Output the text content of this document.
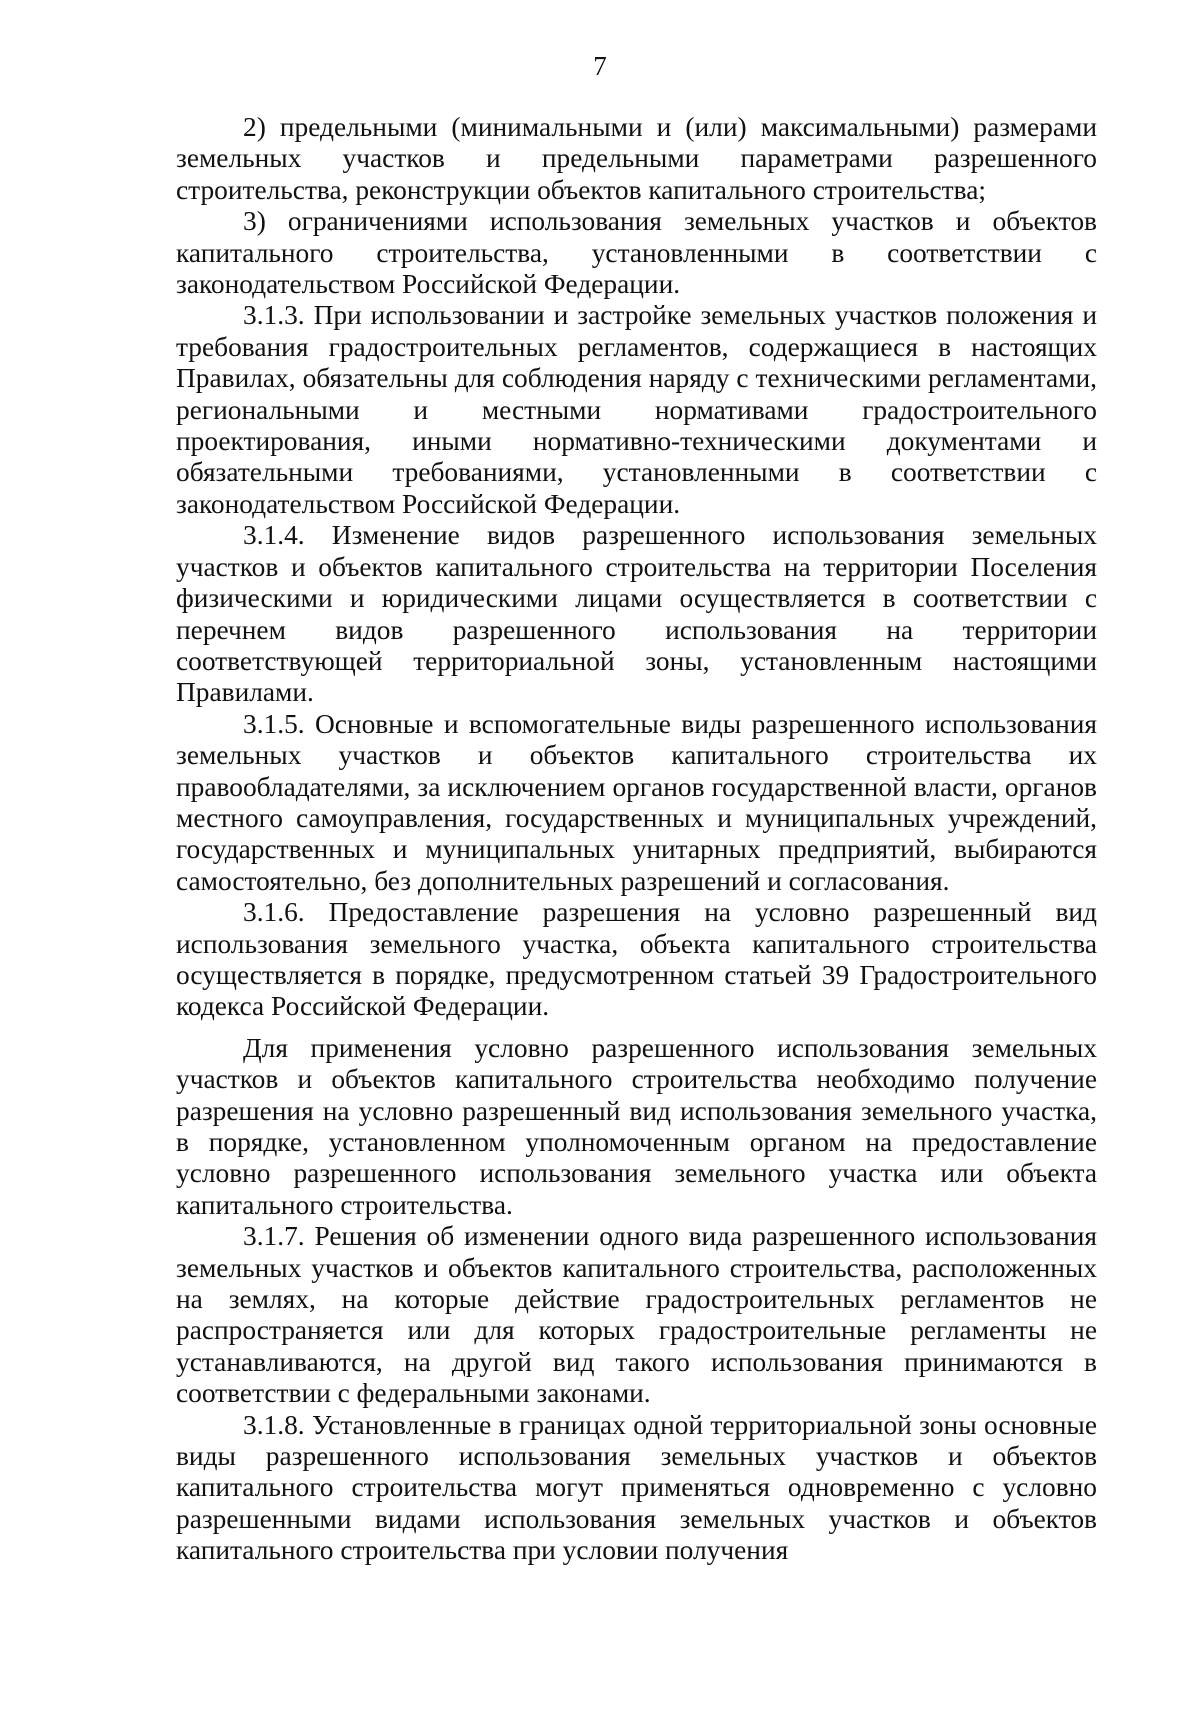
7

2) предельными (минимальными и (или) максимальными) размерами земельных участков и предельными параметрами разрешенного строительства, реконструкции объектов капитального строительства;

3) ограничениями использования земельных участков и объектов капитального строительства, установленными в соответствии с законодательством Российской Федерации.

3.1.3. При использовании и застройке земельных участков положения и требования градостроительных регламентов, содержащиеся в настоящих Правилах, обязательны для соблюдения наряду с техническими регламентами, региональными и местными нормативами градостроительного проектирования, иными нормативно-техническими документами и обязательными требованиями, установленными в соответствии с законодательством Российской Федерации.

3.1.4. Изменение видов разрешенного использования земельных участков и объектов капитального строительства на территории Поселения физическими и юридическими лицами осуществляется в соответствии с перечнем видов разрешенного использования на территории соответствующей территориальной зоны, установленным настоящими Правилами.

3.1.5. Основные и вспомогательные виды разрешенного использования земельных участков и объектов капитального строительства их правообладателями, за исключением органов государственной власти, органов местного самоуправления, государственных и муниципальных учреждений, государственных и муниципальных унитарных предприятий, выбираются самостоятельно, без дополнительных разрешений и согласования.

3.1.6. Предоставление разрешения на условно разрешенный вид использования земельного участка, объекта капитального строительства осуществляется в порядке, предусмотренном статьей 39 Градостроительного кодекса Российской Федерации.

Для применения условно разрешенного использования земельных участков и объектов капитального строительства необходимо получение разрешения на условно разрешенный вид использования земельного участка, в порядке, установленном уполномоченным органом на предоставление условно разрешенного использования земельного участка или объекта капитального строительства.

3.1.7. Решения об изменении одного вида разрешенного использования земельных участков и объектов капитального строительства, расположенных на землях, на которые действие градостроительных регламентов не распространяется или для которых градостроительные регламенты не устанавливаются, на другой вид такого использования принимаются в соответствии с федеральными законами.

3.1.8. Установленные в границах одной территориальной зоны основные виды разрешенного использования земельных участков и объектов капитального строительства могут применяться одновременно с условно разрешенными видами использования земельных участков и объектов капитального строительства при условии получения
